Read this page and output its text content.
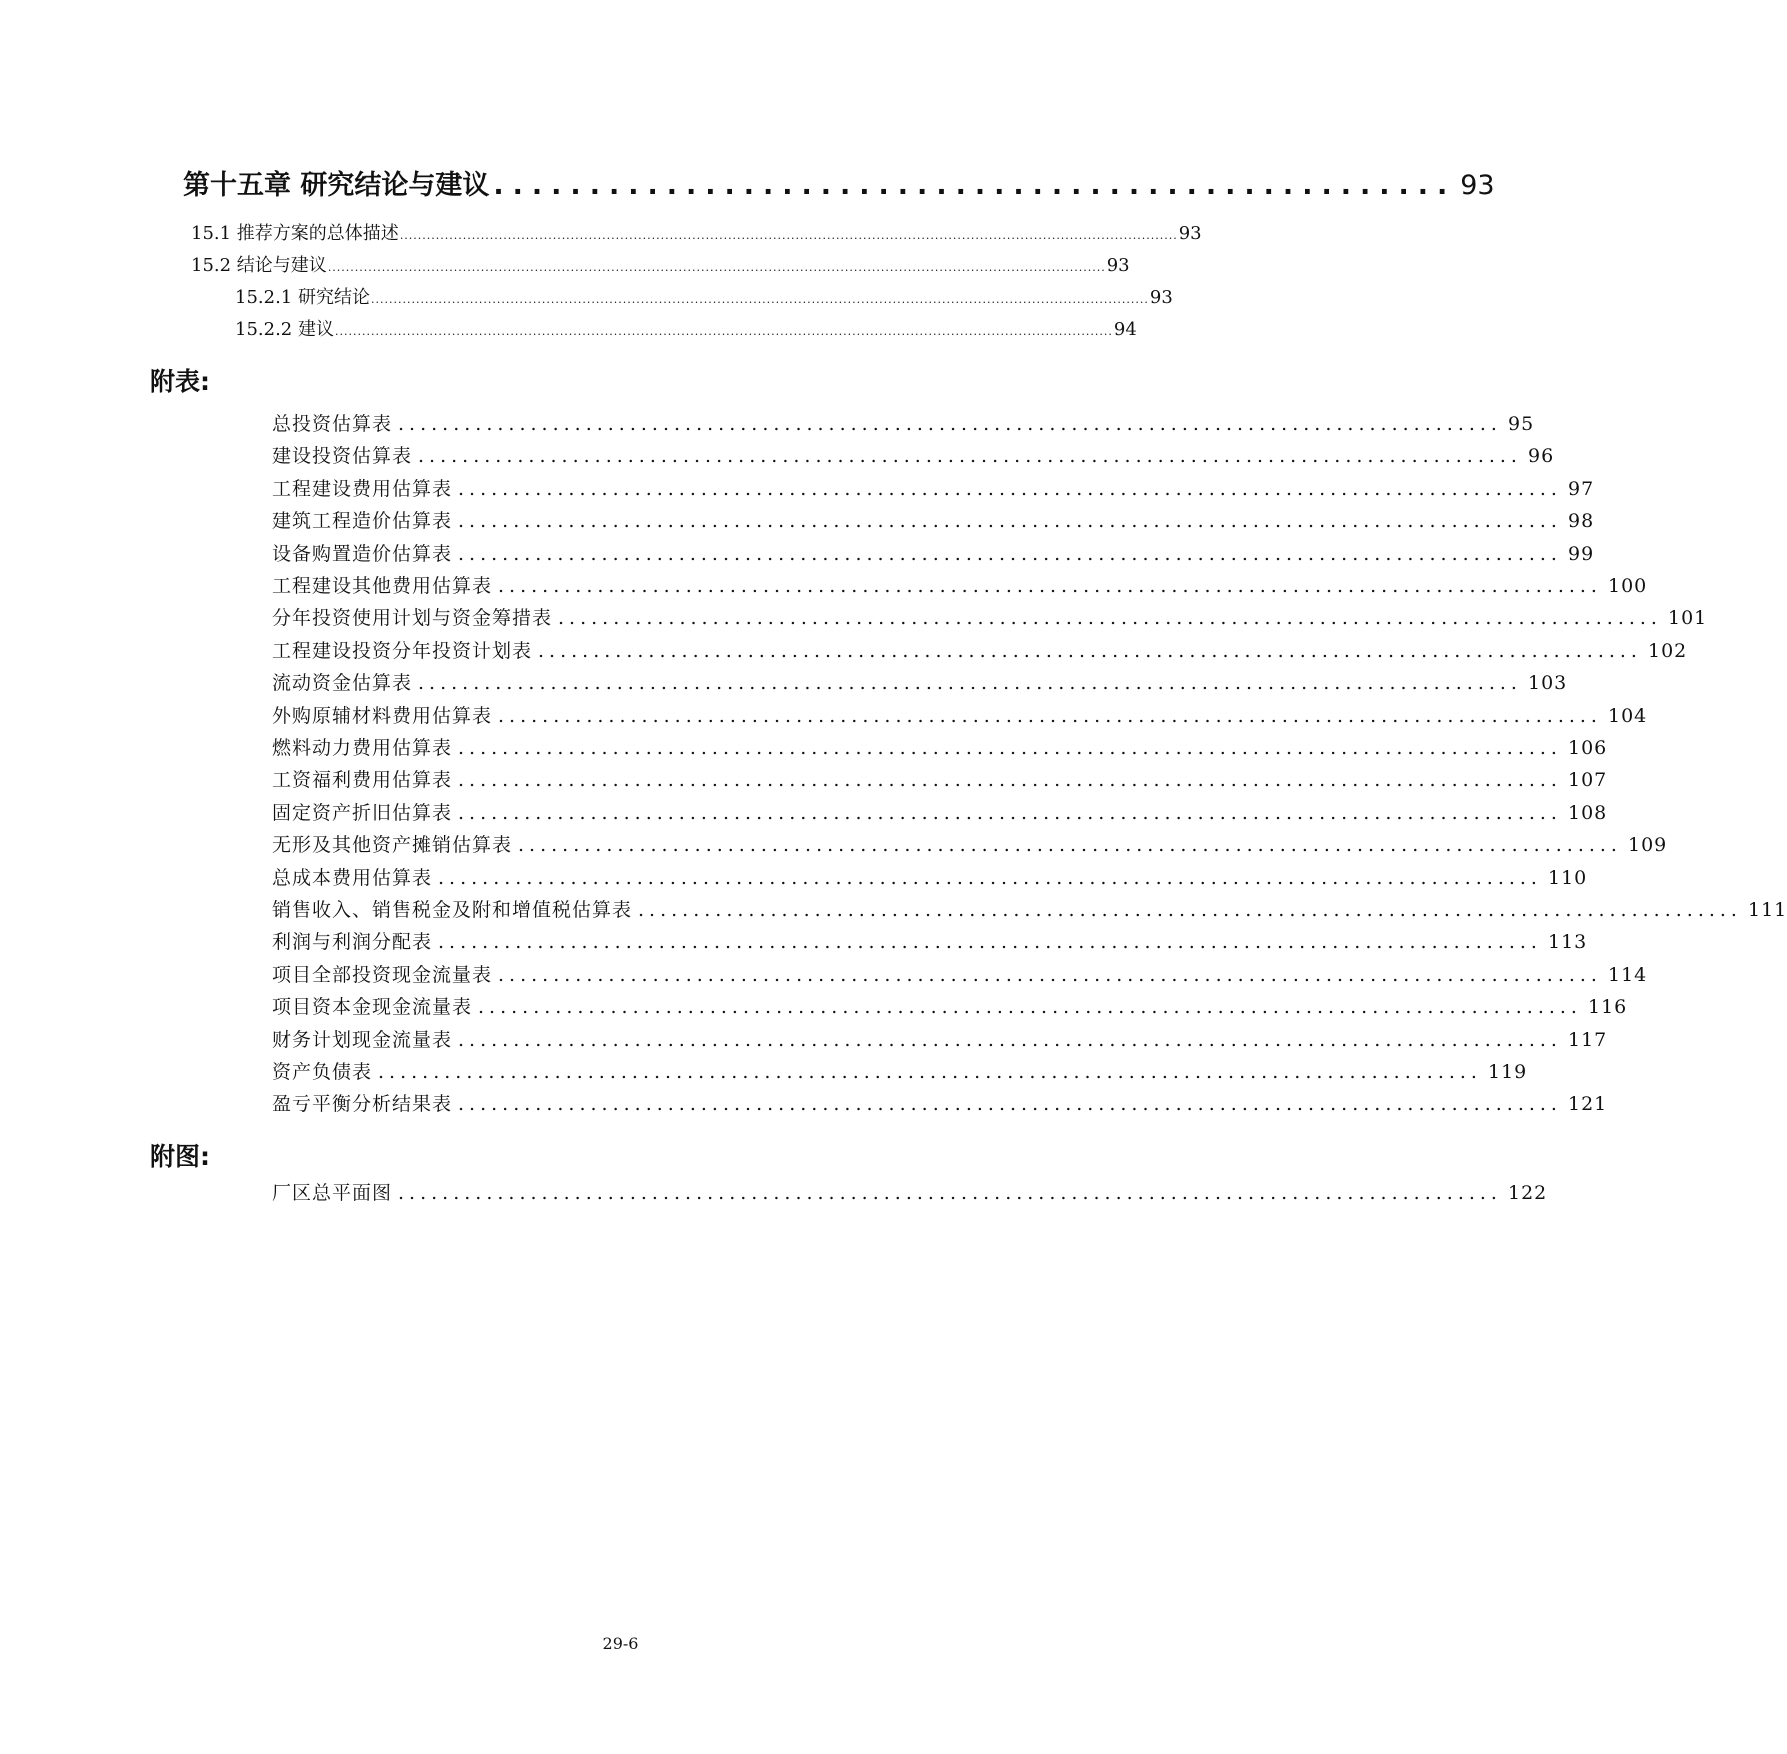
第十五章 研究结论与建议 .................................................. 93
15.1 推荐方案的总体描述 ............................................................................................................................................................................. 93
15.2 结论与建议 ............................................................................................................................................................................. 93
15.2.1 研究结论 ............................................................................................................................................................................. 93
15.2.2 建议 ............................................................................................................................................................................. 94
附表:
总投资估算表 .................................................................................................... 95
建设投资估算表 .................................................................................................... 96
工程建设费用估算表 .................................................................................................... 97
建筑工程造价估算表 .................................................................................................... 98
设备购置造价估算表 .................................................................................................... 99
工程建设其他费用估算表 .................................................................................................... 100
分年投资使用计划与资金筹措表 .................................................................................................... 101
工程建设投资分年投资计划表 .................................................................................................... 102
流动资金估算表 .................................................................................................... 103
外购原辅材料费用估算表 .................................................................................................... 104
燃料动力费用估算表 .................................................................................................... 106
工资福利费用估算表 .................................................................................................... 107
固定资产折旧估算表 .................................................................................................... 108
无形及其他资产摊销估算表 .................................................................................................... 109
总成本费用估算表 .................................................................................................... 110
销售收入、销售税金及附和增值税估算表 .................................................................................................... 111
利润与利润分配表 .................................................................................................... 113
项目全部投资现金流量表 .................................................................................................... 114
项目资本金现金流量表 .................................................................................................... 116
财务计划现金流量表 .................................................................................................... 117
资产负债表 .................................................................................................... 119
盈亏平衡分析结果表 .................................................................................................... 121
附图:
厂区总平面图 .................................................................................................... 122
29-6
